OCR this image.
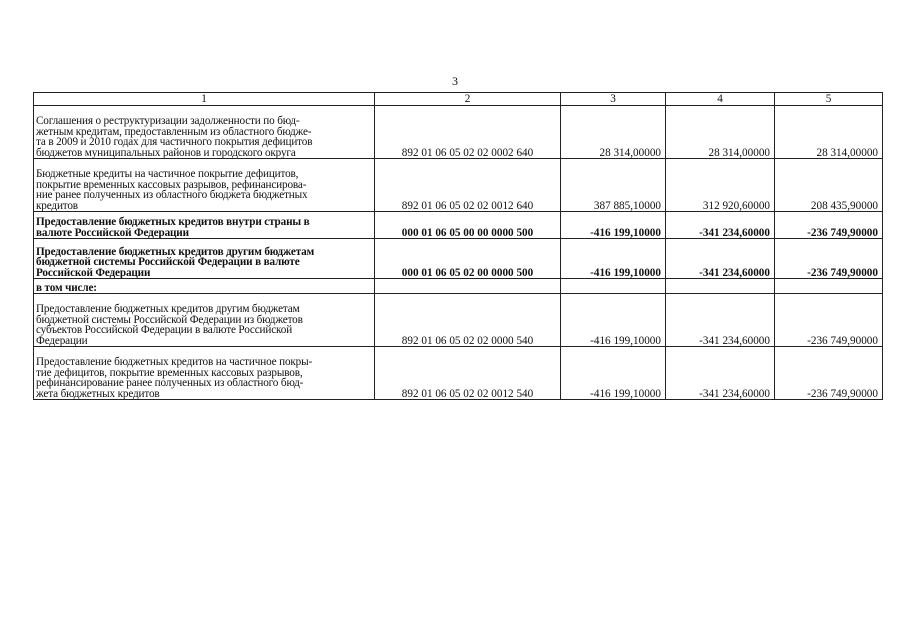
3
1	2	3	4	5
Соглашения о реструктуризации задолженности по бюд-
жетным кредитам, предоставленным из областного бюдже-
та в 2009 и 2010 годах для частичного покрытия дефицитов
бюджетов муниципальных районов и городского округа	892 01 06 05 02 02 0002 640	28 314,00000	28 314,00000	28 314,00000
Бюджетные кредиты на частичное покрытие дефицитов,
покрытие временных кассовых разрывов, рефинансирова-
ние ранее полученных из областного бюджета бюджетных
кредитов	892 01 06 05 02 02 0012 640	387 885,10000	312 920,60000	208 435,90000
Предоставление бюджетных кредитов внутри страны в
валюте Российской Федерации	000 01 06 05 00 00 0000 500	-416 199,10000	-341 234,60000	-236 749,90000
Предоставление бюджетных кредитов другим бюджетам
бюджетной системы Российской Федерации в валюте
Российской Федерации	000 01 06 05 02 00 0000 500	-416 199,10000	-341 234,60000	-236 749,90000
в том числе:				
Предоставление бюджетных кредитов другим бюджетам
бюджетной системы Российской Федерации из бюджетов
субъектов Российской Федерации в валюте Российской
Федерации	892 01 06 05 02 02 0000 540	-416 199,10000	-341 234,60000	-236 749,90000
Предоставление бюджетных кредитов на частичное покры-
тие дефицитов, покрытие временных кассовых разрывов,
рефинансирование ранее полученных из областного бюд-
жета бюджетных кредитов	892 01 06 05 02 02 0012 540	-416 199,10000	-341 234,60000	-236 749,90000
